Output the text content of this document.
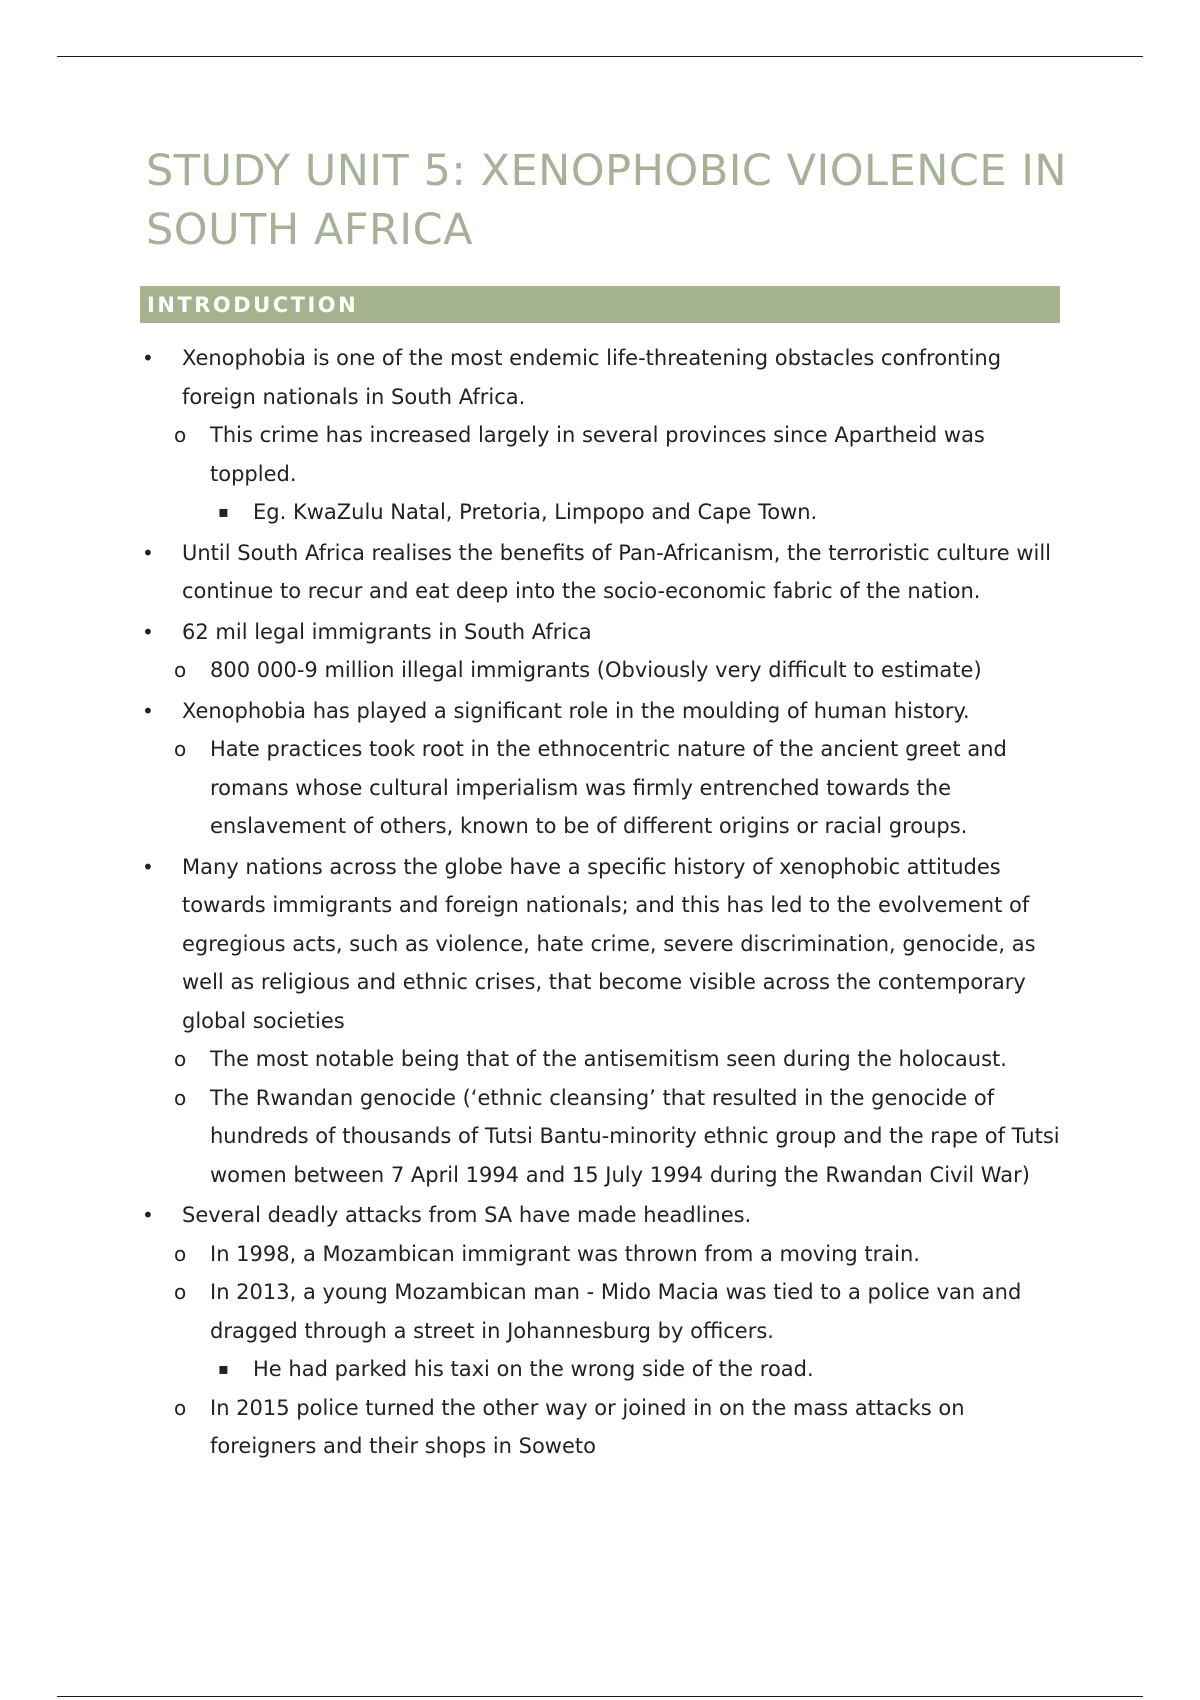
STUDY UNIT 5: XENOPHOBIC VIOLENCE IN SOUTH AFRICA
INTRODUCTION
• Xenophobia is one of the most endemic life-threatening obstacles confronting foreign nationals in South Africa.
o This crime has increased largely in several provinces since Apartheid was toppled.
▪ Eg. KwaZulu Natal, Pretoria, Limpopo and Cape Town.
• Until South Africa realises the benefits of Pan-Africanism, the terroristic culture will continue to recur and eat deep into the socio-economic fabric of the nation.
• 62 mil legal immigrants in South Africa
o 800 000-9 million illegal immigrants (Obviously very difficult to estimate)
• Xenophobia has played a significant role in the moulding of human history.
o Hate practices took root in the ethnocentric nature of the ancient greet and romans whose cultural imperialism was firmly entrenched towards the enslavement of others, known to be of different origins or racial groups.
• Many nations across the globe have a specific history of xenophobic attitudes towards immigrants and foreign nationals; and this has led to the evolvement of egregious acts, such as violence, hate crime, severe discrimination, genocide, as well as religious and ethnic crises, that become visible across the contemporary global societies
o The most notable being that of the antisemitism seen during the holocaust.
o The Rwandan genocide (‘ethnic cleansing’ that resulted in the genocide of hundreds of thousands of Tutsi Bantu-minority ethnic group and the rape of Tutsi women between 7 April 1994 and 15 July 1994 during the Rwandan Civil War)
• Several deadly attacks from SA have made headlines.
o In 1998, a Mozambican immigrant was thrown from a moving train.
o In 2013, a young Mozambican man - Mido Macia was tied to a police van and dragged through a street in Johannesburg by officers.
▪ He had parked his taxi on the wrong side of the road.
o In 2015 police turned the other way or joined in on the mass attacks on foreigners and their shops in Soweto
